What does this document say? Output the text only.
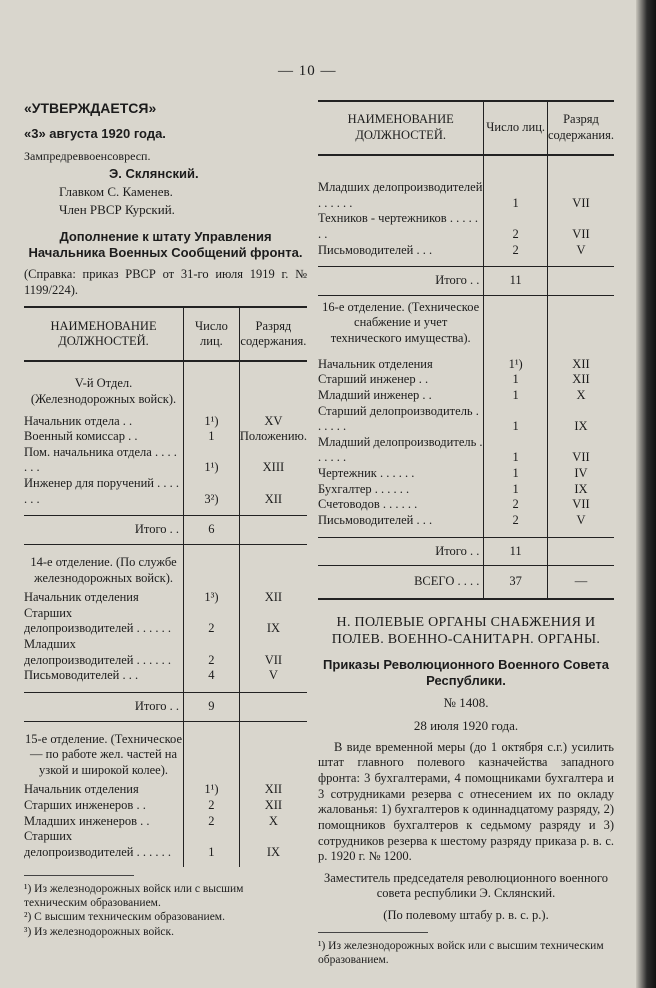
— 10 —

«УТВЕРЖДАЕТСЯ»

«3» августа 1920 года.

Зампредреввоенсовресп.

Э. Склянский.

Главком С. Каменев.

Член РВСР Курский.

Дополнение к штату Управления Начальника Военных Сообщений фронта.

(Справка: приказ РВСР от 31-го июля 1919 г. № 1199/224).

НАИМЕНОВАНИЕ ДОЛЖНОСТЕЙ.	Число лиц.	Разряд содержания.
V-й Отдел. (Железнодорожных войск).		
Начальник отдела . .	1¹)	XV
Военный комиссар . .	1	Положению.
Пом. начальника отдела . . . . . . .	1¹)	XIII
Инженер для поручений . . . . . . .	3²)	XII
Итого . .	6	
14-е отделение. (По службе железнодорожных войск).		
Начальник отделения	1³)	XII
Старших делопроизводителей . . . . . .	2	IX
Младших делопроизводителей . . . . . .	2	VII
Письмоводителей . . .	4	V
Итого . .	9	
15-е отделение. (Техническое — по работе жел. частей на узкой и широкой колее).		
Начальник отделения	1¹)	XII
Старших инженеров . .	2	XII
Младших инженеров . .	2	X
Старших делопроизводителей . . . . . .	1	IX

¹) Из железнодорожных войск или с высшим техническим образованием.

²) С высшим техническим образованием.

³) Из железнодорожных войск.

НАИМЕНОВАНИЕ ДОЛЖНОСТЕЙ.	Число лиц.	Разряд содержания.
Младших делопроизводителей . . . . . .	1	VII
Техников - чертежников . . . . . . .	2	VII
Письмоводителей . . .	2	V
Итого . .	11	
16-е отделение. (Техническое снабжение и учет технического имущества).		
Начальник отделения	1¹)	XII
Старший инженер . .	1	XII
Младший инженер . .	1	X
Старший делопроизводитель . . . . . .	1	IX
Младший делопроизводитель . . . . . .	1	VII
Чертежник . . . . . .	1	IV
Бухгалтер . . . . . .	1	IX
Счетоводов . . . . . .	2	VII
Письмоводителей . . .	2	V
Итого . .	11	
ВСЕГО . . . .	37	—

Н. ПОЛЕВЫЕ ОРГАНЫ СНАБЖЕНИЯ И ПОЛЕВ. ВОЕННО-САНИТАРН. ОРГАНЫ.

Приказы Революционного Военного Совета Республики.

№ 1408.

28 июля 1920 года.

В виде временной меры (до 1 октября с.г.) усилить штат главного полевого казначейства западного фронта: 3 бухгалтерами, 4 помощниками бухгалтера и 3 сотрудниками резерва с отнесением их по окладу жалованья: 1) бухгалтеров к одиннадцатому разряду, 2) помощников бухгалтеров к седьмому разряду и 3) сотрудников резерва к шестому разряду приказа р. в. с. р. 1920 г. № 1200.

Заместитель председателя революционного военного совета республики Э. Склянский.

(По полевому штабу р. в. с. р.).

¹) Из железнодорожных войск или с высшим техническим образованием.
